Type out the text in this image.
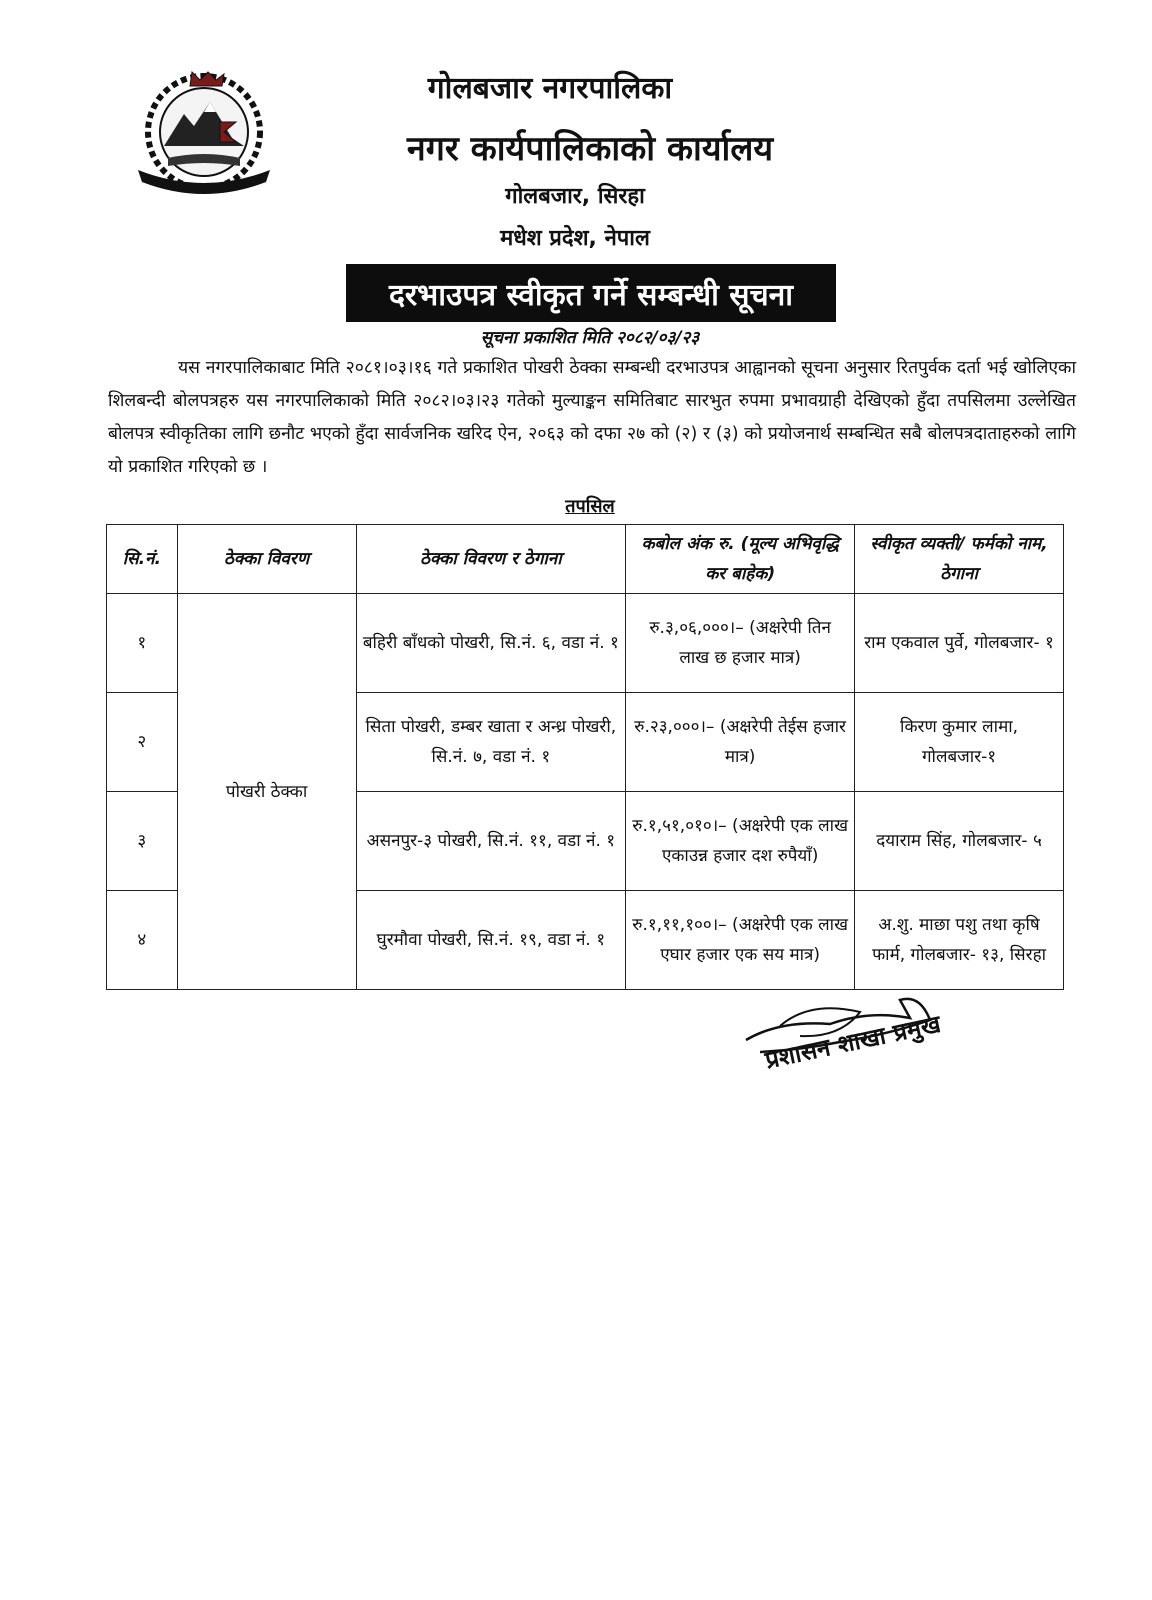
गोलबजार नगरपालिका
नगर कार्यपालिकाको कार्यालय
गोलबजार, सिरहा
मधेश प्रदेश, नेपाल
दरभाउपत्र स्वीकृत गर्ने सम्बन्धी सूचना
सूचना प्रकाशित मिति २०८२/०३/२३
यस नगरपालिकाबाट मिति २०८१।०३।१६ गते प्रकाशित पोखरी ठेक्का सम्बन्धी दरभाउपत्र आह्वानको सूचना अनुसार रितपुर्वक दर्ता भई खोलिएका शिलबन्दी बोलपत्रहरु यस नगरपालिकाको मिति २०८२।०३।२३ गतेको मुल्याङ्कन समितिबाट सारभुत रुपमा प्रभावग्राही देखिएको हुँदा तपसिलमा उल्लेखित बोलपत्र स्वीकृतिका लागि छनौट भएको हुँदा सार्वजनिक खरिद ऐन, २०६३ को दफा २७ को (२) र (३) को प्रयोजनार्थ सम्बन्धित सबै बोलपत्रदाताहरुको लागि यो प्रकाशित गरिएको छ ।
तपसिल
सि.नं.	ठेक्का विवरण	ठेक्का विवरण र ठेगाना	कबोल अंक रु. (मूल्य अभिवृद्धि कर बाहेक)	स्वीकृत व्यक्ती/ फर्मको नाम, ठेगाना
१	पोखरी ठेक्का	बहिरी बाँधको पोखरी, सि.नं. ६, वडा नं. १	रु.३,०६,०००।– (अक्षरेपी तिन लाख छ हजार मात्र)	राम एकवाल पुर्वे, गोलबजार- १
२		सिता पोखरी, डम्बर खाता र अन्ध्र पोखरी, सि.नं. ७, वडा नं. १	रु.२३,०००।– (अक्षरेपी तेईस हजार मात्र)	किरण कुमार लामा, गोलबजार-१
३		असनपुर-३ पोखरी, सि.नं. ११, वडा नं. १	रु.१,५१,०१०।– (अक्षरेपी एक लाख एकाउन्न हजार दश रुपैयाँ)	दयाराम सिंह, गोलबजार- ५
४		घुरमौवा पोखरी, सि.नं. १९, वडा नं. १	रु.१,११,१००।– (अक्षरेपी एक लाख एघार हजार एक सय मात्र)	अ.शु. माछा पशु तथा कृषि फार्म, गोलबजार- १३, सिरहा
प्रशासन शाखा प्रमुख
